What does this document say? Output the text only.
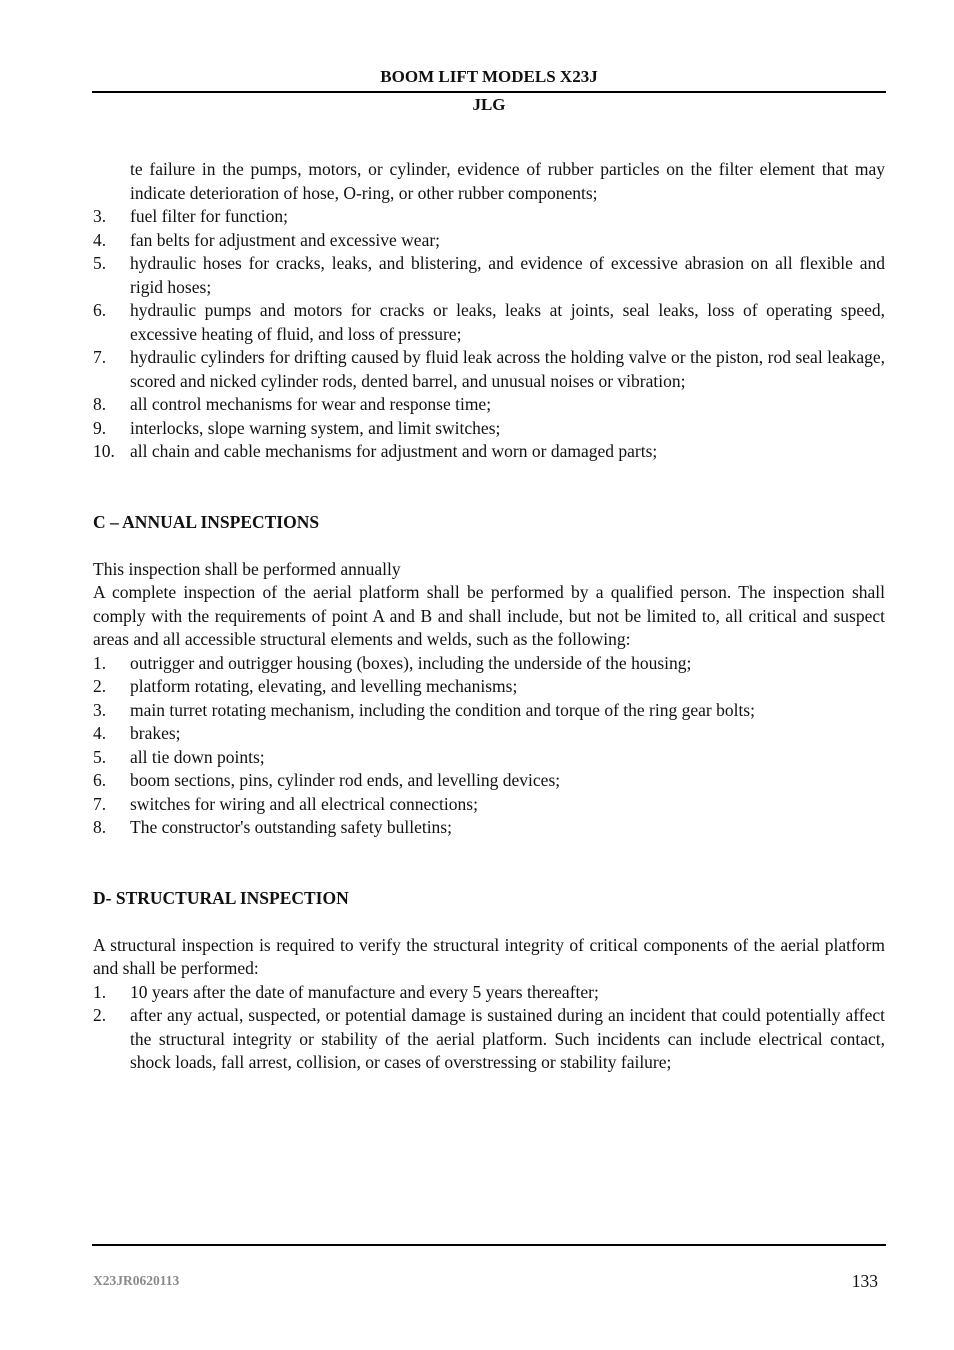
BOOM LIFT MODELS X23J
JLG
te failure in the pumps, motors, or cylinder, evidence of rubber particles on the filter element that may indicate deterioration of hose, O-ring, or other rubber components;
3. fuel filter for function;
4. fan belts for adjustment and excessive wear;
5. hydraulic hoses for cracks, leaks, and blistering, and evidence of excessive abrasion on all flexible and rigid hoses;
6. hydraulic pumps and motors for cracks or leaks, leaks at joints, seal leaks, loss of operating speed, excessive heating of fluid, and loss of pressure;
7. hydraulic cylinders for drifting caused by fluid leak across the holding valve or the piston, rod seal leakage, scored and nicked cylinder rods, dented barrel, and unusual noises or vibration;
8. all control mechanisms for wear and response time;
9. interlocks, slope warning system, and limit switches;
10. all chain and cable mechanisms for adjustment and worn or damaged parts;
C – ANNUAL INSPECTIONS

This inspection shall be performed annually

A complete inspection of the aerial platform shall be performed by a qualified person. The inspection shall comply with the requirements of point A and B and shall include, but not be limited to, all critical and suspect areas and all accessible structural elements and welds, such as the following:

1. outrigger and outrigger housing (boxes), including the underside of the housing;
2. platform rotating, elevating, and levelling mechanisms;
3. main turret rotating mechanism, including the condition and torque of the ring gear bolts;
4. brakes;
5. all tie down points;
6. boom sections, pins, cylinder rod ends, and levelling devices;
7. switches for wiring and all electrical connections;
8. The constructor's outstanding safety bulletins;
D- STRUCTURAL INSPECTION

A structural inspection is required to verify the structural integrity of critical components of the aerial platform and shall be performed:

1. 10 years after the date of manufacture and every 5 years thereafter;
2. after any actual, suspected, or potential damage is sustained during an incident that could potentially affect the structural integrity or stability of the aerial platform. Such incidents can include electrical contact, shock loads, fall arrest, collision, or cases of overstressing or stability failure;
X23JR0620113	133
